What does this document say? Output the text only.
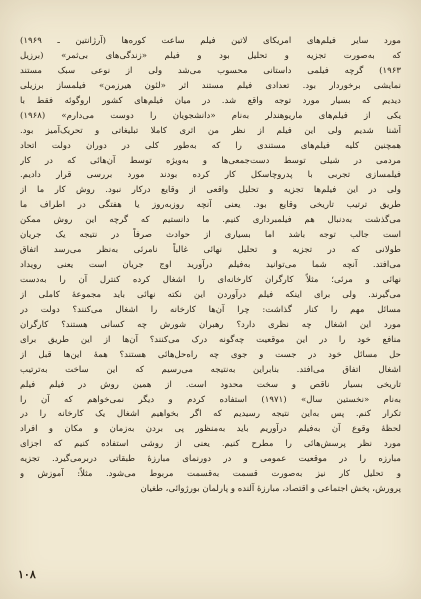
مورد سایر فیلم‌های امریکای لاتین فیلم ساعت کوره‌ها (آرژانتین ـ ۱۹۶۹)
که به‌صورت تجزیه و تحلیل بود و فیلم «زندگی‌های بی‌ثمر» (برزیل
۱۹۶۳) گرچه فیلمی داستانی محسوب می‌شد ولی از نوعی سبک مستند
نمایشی برخوردار بود. تعدادی فیلم مستند اثر «لئون هیرزمن» فیلمساز برزیلی
دیدیم که بسیار مورد توجه واقع شد. در میان فیلم‌های کشور اروگوئه فقط با
یکی از فیلم‌های ماریوهندلر به‌نام «دانشجویان را دوست می‌دارم» (۱۹۶۸)
آشنا شدیم ولی این فیلم از نظر من اثری کاملا تبلیغاتی و تحریک‌آمیز بود.
همچنین کلیه فیلم‌های مستندی را که به‌طور کلی در دوران دولت اتحاد
مردمی در شیلی توسط دست‌جمعی‌ها و به‌ویژه توسط آن‌هائی که در کار
فیلمسازی تجربی با پدروچاسکل کار کرده بودند مورد بررسی قرار دادیم.
ولی در این فیلم‌ها تجزیه و تحلیل واقعی از وقایع درکار نبود. روش کار ما از
طریق ترتیب تاریخی وقایع بود. یعنی آنچه روزبه‌روز یا هفتگی در اطراف ما
می‌گذشت به‌دنبال هم فیلمبرداری کنیم. ما دانستیم که گرچه این روش ممکن
است جالب توجه باشد اما بسیاری از حوادث صرفاً در نتیجه یک جریان
طولانی که در تجزیه و تحلیل نهائی غالباً نامرئی به‌نظر می‌رسد اتفاق
می‌افتد. آنچه شما می‌توانید به‌فیلم درآورید اوج جریان است یعنی رویداد
نهائی و مرئی؛ مثلاً کارگران کارخانه‌ای را اشغال کرده کنترل آن را به‌دست
می‌گیرند. ولی برای اینکه فیلم درآوردن این نکته نهائی باید مجموعهٔ کاملی از
مسائل مهم را کنار گذاشت: چرا آن‌ها کارخانه را اشغال می‌کنند؟ دولت در
مورد این اشغال چه نظری دارد؟ رهبران شورش چه کسانی هستند؟ کارگران
منافع خود را در این موقعیت چه‌گونه درک می‌کنند؟ آن‌ها از این طریق برای
حل مسائل خود در جست و جوی چه راه‌حل‌هائی هستند؟ همهٔ این‌ها قبل از
اشغال اتفاق می‌افتد. بنابراین به‌نتیجه می‌رسیم که این ساخت به‌ترتیب
تاریخی بسیار ناقص و سخت محدود است. از همین روش در فیلم فیلم
به‌نام «نخستین سال» (۱۹۷۱) استفاده کردم و دیگر نمی‌خواهم که آن را
تکرار کنم. پس به‌این نتیجه رسیدیم که اگر بخواهیم اشغال یک کارخانه را در
لحظهٔ وقوع آن به‌فیلم درآوریم باید به‌منظور پی بردن به‌زمان و مکان و افراد
مورد نظر پرسش‌هائی را مطرح کنیم. یعنی از روشی استفاده کنیم که اجزای
مبارزه را در موقعیت عمومی و در دورنمای مبارزهٔ طبقاتی دربرمی‌گیرد. تجزیه
و تحلیل کار نیز به‌صورت قسمت به‌قسمت مربوط می‌شود. مثلاً: آموزش و
پرورش، پخش اجتماعی و اقتصاد، مبارزهٔ آلنده و پارلمان بورژوائی، طغیان
۱۰۸
